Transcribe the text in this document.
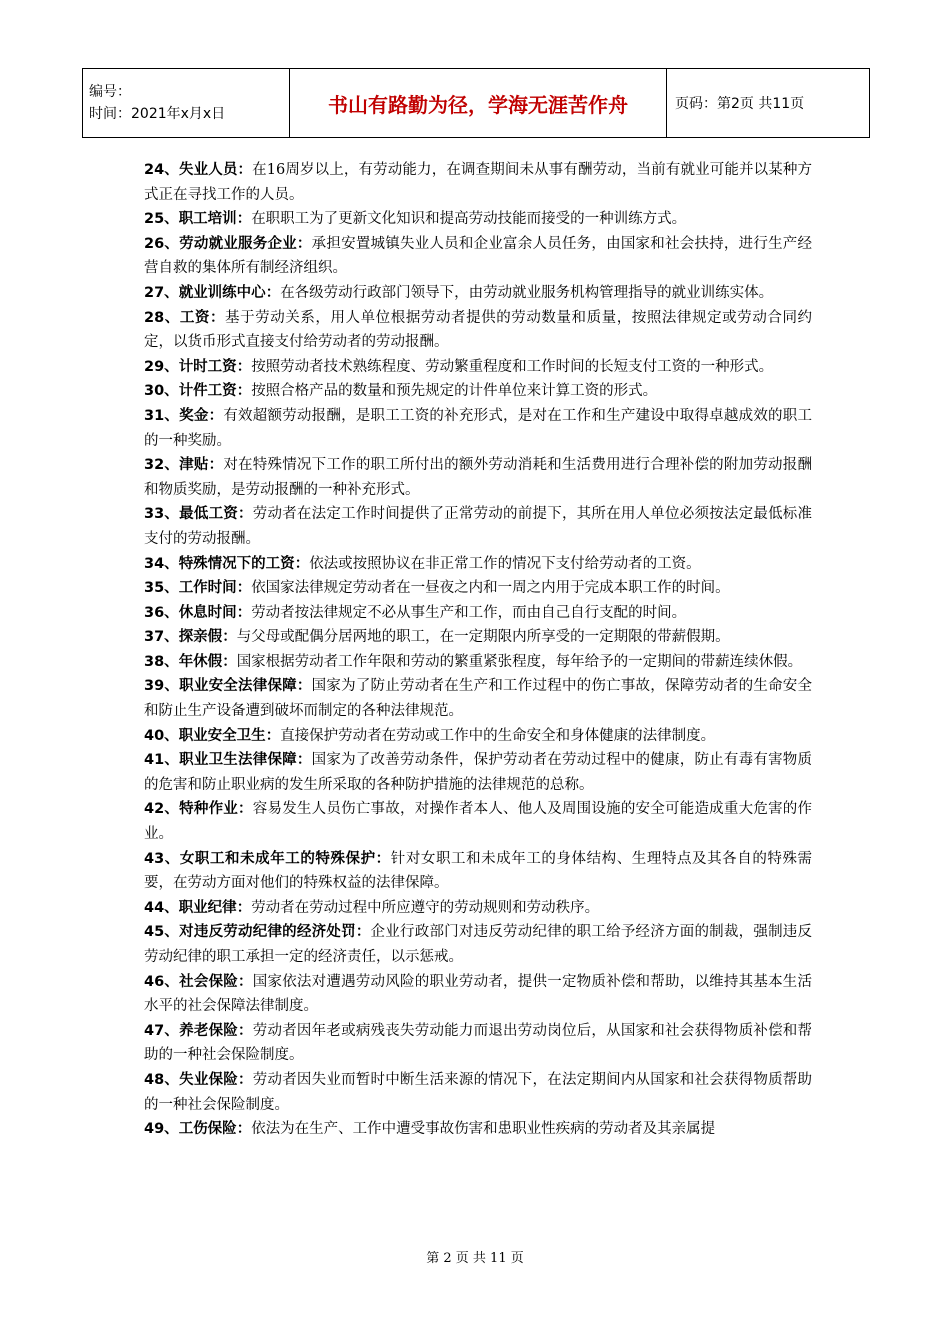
编号：
时间：2021年x月x日	书山有路勤为径，学海无涯苦作舟	页码：第2页 共11页

24、失业人员：在16周岁以上，有劳动能力，在调查期间未从事有酬劳动，当前有就业可能并以某种方式正在寻找工作的人员。

25、职工培训：在职职工为了更新文化知识和提高劳动技能而接受的一种训练方式。

26、劳动就业服务企业：承担安置城镇失业人员和企业富余人员任务，由国家和社会扶持，进行生产经营自救的集体所有制经济组织。

27、就业训练中心：在各级劳动行政部门领导下，由劳动就业服务机构管理指导的就业训练实体。

28、工资：基于劳动关系，用人单位根据劳动者提供的劳动数量和质量，按照法律规定或劳动合同约定，以货币形式直接支付给劳动者的劳动报酬。

29、计时工资：按照劳动者技术熟练程度、劳动繁重程度和工作时间的长短支付工资的一种形式。

30、计件工资：按照合格产品的数量和预先规定的计件单位来计算工资的形式。

31、奖金：有效超额劳动报酬，是职工工资的补充形式，是对在工作和生产建设中取得卓越成效的职工的一种奖励。

32、津贴：对在特殊情况下工作的职工所付出的额外劳动消耗和生活费用进行合理补偿的附加劳动报酬和物质奖励，是劳动报酬的一种补充形式。

33、最低工资：劳动者在法定工作时间提供了正常劳动的前提下，其所在用人单位必须按法定最低标准支付的劳动报酬。

34、特殊情况下的工资：依法或按照协议在非正常工作的情况下支付给劳动者的工资。

35、工作时间：依国家法律规定劳动者在一昼夜之内和一周之内用于完成本职工作的时间。

36、休息时间：劳动者按法律规定不必从事生产和工作，而由自己自行支配的时间。

37、探亲假：与父母或配偶分居两地的职工，在一定期限内所享受的一定期限的带薪假期。

38、年休假：国家根据劳动者工作年限和劳动的繁重紧张程度，每年给予的一定期间的带薪连续休假。

39、职业安全法律保障：国家为了防止劳动者在生产和工作过程中的伤亡事故，保障劳动者的生命安全和防止生产设备遭到破坏而制定的各种法律规范。

40、职业安全卫生：直接保护劳动者在劳动或工作中的生命安全和身体健康的法律制度。

41、职业卫生法律保障：国家为了改善劳动条件，保护劳动者在劳动过程中的健康，防止有毒有害物质的危害和防止职业病的发生所采取的各种防护措施的法律规范的总称。

42、特种作业：容易发生人员伤亡事故，对操作者本人、他人及周围设施的安全可能造成重大危害的作业。

43、女职工和未成年工的特殊保护：针对女职工和未成年工的身体结构、生理特点及其各自的特殊需要，在劳动方面对他们的特殊权益的法律保障。

44、职业纪律：劳动者在劳动过程中所应遵守的劳动规则和劳动秩序。

45、对违反劳动纪律的经济处罚：企业行政部门对违反劳动纪律的职工给予经济方面的制裁，强制违反劳动纪律的职工承担一定的经济责任，以示惩戒。

46、社会保险：国家依法对遭遇劳动风险的职业劳动者，提供一定物质补偿和帮助，以维持其基本生活水平的社会保障法律制度。

47、养老保险：劳动者因年老或病残丧失劳动能力而退出劳动岗位后，从国家和社会获得物质补偿和帮助的一种社会保险制度。

48、失业保险：劳动者因失业而暂时中断生活来源的情况下，在法定期间内从国家和社会获得物质帮助的一种社会保险制度。

49、工伤保险：依法为在生产、工作中遭受事故伤害和患职业性疾病的劳动者及其亲属提

第 2 页 共 11 页
